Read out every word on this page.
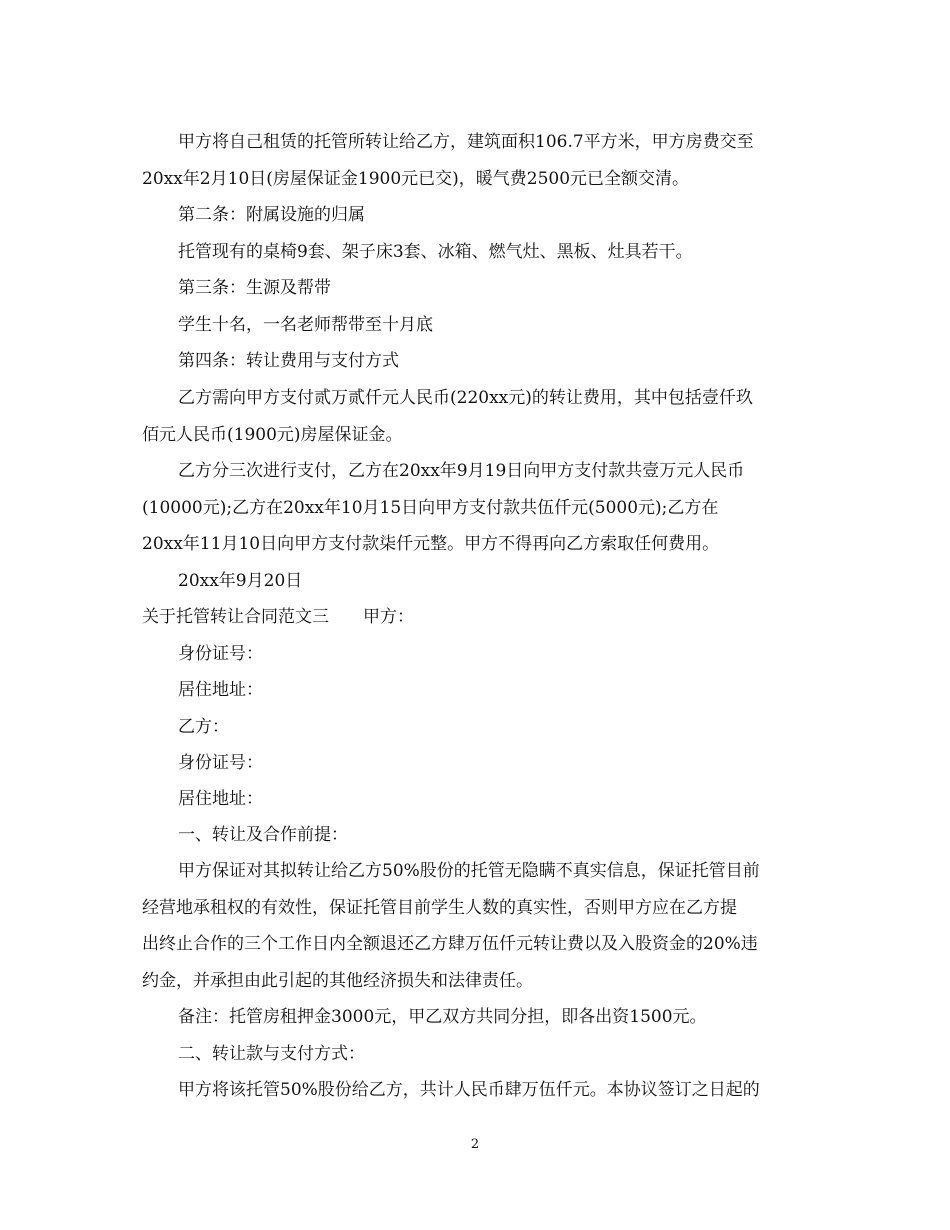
甲方将自己租赁的托管所转让给乙方，建筑面积106.7平方米，甲方房费交至
20xx年2月10日(房屋保证金1900元已交)，暖气费2500元已全额交清。
第二条：附属设施的归属
托管现有的桌椅9套、架子床3套、冰箱、燃气灶、黑板、灶具若干。
第三条：生源及帮带
学生十名，一名老师帮带至十月底
第四条：转让费用与支付方式
乙方需向甲方支付贰万贰仟元人民币(220xx元)的转让费用，其中包括壹仟玖
佰元人民币(1900元)房屋保证金。
乙方分三次进行支付，乙方在20xx年9月19日向甲方支付款共壹万元人民币
(10000元);乙方在20xx年10月15日向甲方支付款共伍仟元(5000元);乙方在
20xx年11月10日向甲方支付款柒仟元整。甲方不得再向乙方索取任何费用。
20xx年9月20日
关于托管转让合同范文三　　甲方：
身份证号：
居住地址：
乙方：
身份证号：
居住地址：
一、转让及合作前提：
甲方保证对其拟转让给乙方50%股份的托管无隐瞒不真实信息，保证托管目前
经营地承租权的有效性，保证托管目前学生人数的真实性，否则甲方应在乙方提
出终止合作的三个工作日内全额退还乙方肆万伍仟元转让费以及入股资金的20%违
约金，并承担由此引起的其他经济损失和法律责任。
备注：托管房租押金3000元，甲乙双方共同分担，即各出资1500元。
二、转让款与支付方式：
甲方将该托管50%股份给乙方，共计人民币肆万伍仟元。本协议签订之日起的
2
